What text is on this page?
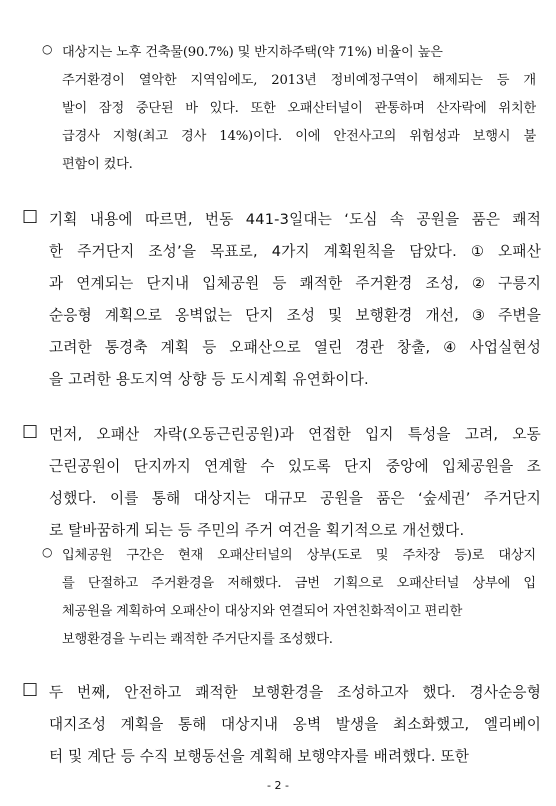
○ 대상지는 노후 건축물(90.7%) 및 반지하주택(약 71%) 비율이 높은
주거환경이 열악한 지역임에도, 2013년 정비예정구역이 해제되는 등 개
발이 잠정 중단된 바 있다. 또한 오패산터널이 관통하며 산자락에 위치한
급경사 지형(최고 경사 14%)이다. 이에 안전사고의 위험성과 보행시 불
편함이 컸다.
□ 기획 내용에 따르면, 번동 441-3일대는 ‘도심 속 공원을 품은 쾌적
한 주거단지 조성’을 목표로, 4가지 계획원칙을 담았다. ① 오패산
과 연계되는 단지내 입체공원 등 쾌적한 주거환경 조성, ② 구릉지
순응형 계획으로 옹벽없는 단지 조성 및 보행환경 개선, ③ 주변을
고려한 통경축 계획 등 오패산으로 열린 경관 창출, ④ 사업실현성
을 고려한 용도지역 상향 등 도시계획 유연화이다.
□ 먼저, 오패산 자락(오동근린공원)과 연접한 입지 특성을 고려, 오동
근린공원이 단지까지 연계할 수 있도록 단지 중앙에 입체공원을 조
성했다. 이를 통해 대상지는 대규모 공원을 품은 ‘숲세권’ 주거단지
로 탈바꿈하게 되는 등 주민의 주거 여건을 획기적으로 개선했다.
○ 입체공원 구간은 현재 오패산터널의 상부(도로 및 주차장 등)로 대상지
를 단절하고 주거환경을 저해했다. 금번 기획으로 오패산터널 상부에 입
체공원을 계획하여 오패산이 대상지와 연결되어 자연친화적이고 편리한
보행환경을 누리는 쾌적한 주거단지를 조성했다.
□ 두 번째, 안전하고 쾌적한 보행환경을 조성하고자 했다. 경사순응형
대지조성 계획을 통해 대상지내 옹벽 발생을 최소화했고, 엘리베이
터 및 계단 등 수직 보행동선을 계획해 보행약자를 배려했다. 또한
- 2 -
